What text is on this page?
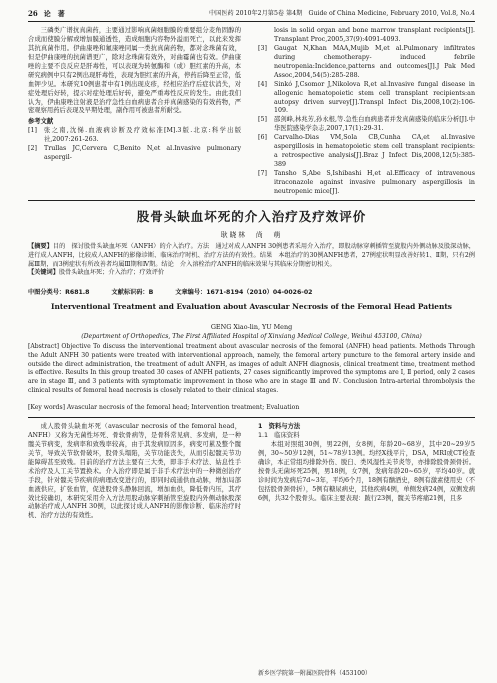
26 论　著	中国医药 2010年2月第5卷 第4期　Guide of China Medicine, February 2010, Vol.8, No.4

三磷类广谱抗真菌药，主要通过影响真菌细胞膜的重要组分麦角固醇的合成而使膜分解或增加膜通透性，造成细胞内容物外溢而死亡，以此来发挥其抗真菌作用。伊曲康唑和氟康唑同属一类抗真菌药物，都对念珠菌有效，但是伊曲康唑的抗菌谱更广，除对念珠菌有效外，对曲霉菌也有效。伊曲康唑的主要不良反应是肝毒性，可以表现为转氨酶和（或）胆红素的升高，本研究病例中只有2例出现肝毒性，表现为胆红素的升高，停药后降至正常，低血钾少见。本研究10例患者中有1例出现皮疹，经相应治疗后症状消失，对症处理后好转，提示对症处理后好转，避免严重毒性反应的发生。由此我们认为，伊曲康唑注射液是治疗急性白血病患者合并真菌感染的有效药物，严密观察用药后表现及早期处理，副作用可被患者所耐受。

参考文献
[1]	张之南,沈悌.血液病诊断及疗效标准[M].3版.北京:科学出版社,2007:261-263.
[2]	Trullas JC,Cervera C,Benito N,et al.Invasive pulmonary aspergil-
losis in solid organ and bone marrow transplant recipients[J]. Transplant Proc,2005,37(9):4091-4093.
[3]	Gaugat N,Khan MAA,Mujib M,et al.Pulmonary infiltrates during chemotherapy- induced febrile neutropenia:Incidence,patterns and outcomes[J].J Pak Med Assoc,2004,54(5):285-288.
[4]	Sinkó J,Csomor J,Nikolova R,et al.Invasive fungal disease in allogenic hematopoietic stem cell transplant recipients:an autopsy driven survey[J].Transpl Infect Dis,2008,10(2):106-109.
[5]	邵剑峰,林兆芳,孙永根,等.急性白血病患者并发真菌感染的临床分析[J].中华医院感染学杂志,2007,17(1):29-31.
[6]	Carvalho-Dias VM,Sola CB,Cunha CA,et al.Invasive aspergillosis in hematopoietic stem cell transplant recipients: a retrospective analysis[J].Braz J Infect Dis,2008,12(5):385-389
[7]	Tansho S,Abe S,Ishibashi H,et al.Efficacy of intravenous itraconazole against invasive pulmonary aspergillosis in neutropenic mice[J].
股骨头缺血坏死的介入治疗及疗效评价
耿晓林　尚　萌
【摘要】目的　探讨股骨头缺血坏死（ANFH）的介入治疗。方法　通过对成人ANFH 30例患者采用介入治疗，即股动脉穿刺插管至旋股内外侧动脉及股深动脉，进行成人ANFH，比较成人ANFH的影像诊断、临床治疗时机、治疗方法的有效性。结果　本组治疗的30例ANFH患者，27例症状明显改善好转1、Ⅱ期，只有2例属Ⅲ期，而3例症状有所改善者均属Ⅲ期和Ⅳ期。结论　介入溶栓治疗ANFH的临床效果与其临床分期密切相关。
【关键词】股骨头缺血坏死；介入治疗；疗效评价
中图分类号：R681.8	文献标识码：B	文章编号：1671-8194（2010）04-0026-02
Interventional Treatment and Evaluation about Avascular Necrosis of the Femoral Head Patients
GENG Xiao-lin, YU Meng
(Department of Orthopedics, The First Affiliated Hospital of Xinxiang Medical College, Weihui 453100, China)
[Abstract] Objective To discuss the interventional treatment about avascular necrosis of the femoral (ANFH) head patients. Methods Through the Adult ANFH 30 patients were treated with interventional approach, namely, the femoral artery puncture to the femoral artery inside and outside the direct administration, the treatment of adult ANFH, as images of adult ANFH diagnosis, clinical treatment time, treatment method is effective. Results In this group treated 30 cases of ANFH patients, 27 cases significantly improved the symptoms are Ⅰ, Ⅱ period, only 2 cases are in stage Ⅲ, and 3 patients with symptomatic improvement in those who are in stage Ⅲ and Ⅳ. Conclusion Intra-arterial thrombolysis the clinical results of femoral head necrosis is closely related to their clinical stages.
[Key words] Avascular necrosis of the femoral head; Intervention treatment; Evaluation

成人股骨头缺血坏死（avascular necrosis of the femoral head，ANFH）又称为无菌性坏死、骨软骨病等，是骨科常见病、多发病，是一种髋关节病变，发病率和致残率较高，由于其发病原因多，病变可累及整个髋关节，导致关节软骨破坏，股骨头塌陷，关节功能丧失，从而引起髋关节功能障碍甚至致残。目前的治疗方法主要有三大类，即非手术疗法、姑息性手术治疗及人工关节置换术。介入治疗即是属于非手术疗法中的一种微创治疗手段，针对髋关节疾病的病理改变进行的，即同时疏通供血动脉，增加局部血液供应，扩张血管，促进股骨头静脉回流，增加血供，降低骨内压，其疗效比较确切，本研究采用介入方法用股动脉穿刺插管至旋股内外侧动脉股深动脉治疗成人ANFH 30例，以此探讨成人ANFH的影像诊断、临床治疗时机、治疗方法的有效性。

1　资料与方法
1.1　临床资料

本组对照组30例，男22例，女8例，年龄20~68岁，其中20~29岁5例，30~50岁12例，51~78岁13例。均经X线平片，DSA，MRI或CT检查确诊，本正常组均排除外伤、脱臼、类风湿性关节炎等，亦排除股骨颈骨折。按骨头无菌坏死25例，男18例，女7例，发病年龄20~65岁，平均40岁。就诊时间为发病后7d~3年，平均6个月，18例有酗酒史，8例有激素使用史（不包括股骨颈骨折），5例有糖尿病史，其他疾病4例，单侧发病24例，双侧发病6例，共32个股骨头。临床主要表现：跛行23例，髋关节疼痛21例，且多

新乡医学院第一附属医院骨科（453100）
